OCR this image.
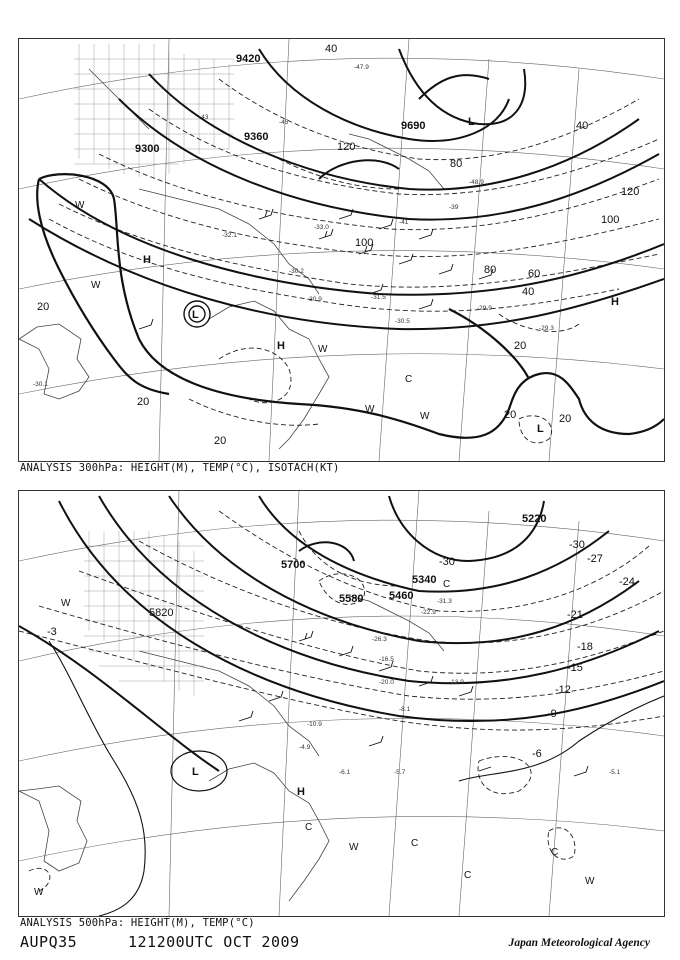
9300
9360
9420
9690
20
20
20
20
20
20
40
40
40
60
80
80
100
100
120
120
-29.3
-29.9
-30.1
-30.2
-30.5
-30.9	-31.5
-32.1
-33.0
-39
-41
-43
-45
-47.9
-48.9
L
L
H
H
H
L
C
W
W
W
W
W
ANALYSIS 300hPa: HEIGHT(M), TEMP(°C), ISOTACH(KT)
5220
5340
5460
5580
5700
5820
-3
-6
-9
-12
-15
-18
-21
-24
-27
-30
-30
-4.9
-5.1
-5.7
-6.1
-8.1
-10.9
-13.9
-16.5
-20.0
-22.9
-26.3
-31.3
L
H
C
C
C
C
C
W
W
W
W
ANALYSIS 500hPa: HEIGHT(M), TEMP(°C)
AUPQ35	121200UTC OCT 2009	Japan Meteorological Agency
